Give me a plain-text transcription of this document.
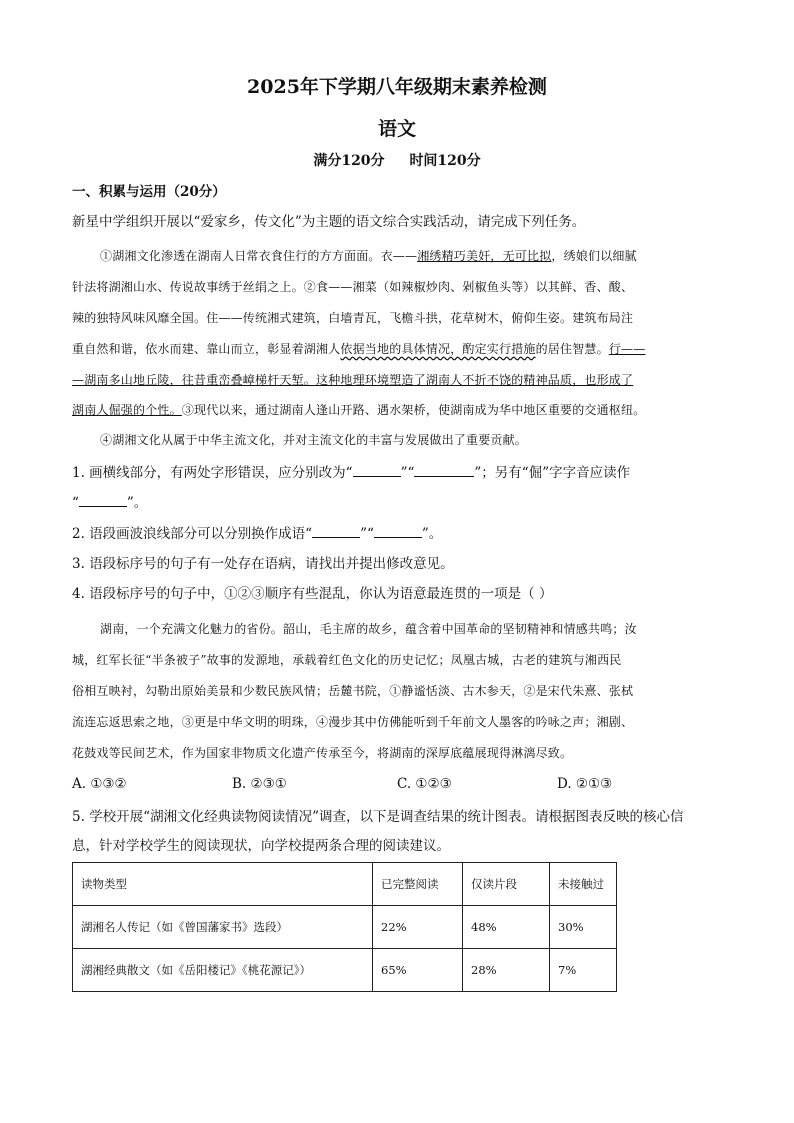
2025年下学期八年级期末素养检测
语文
满分120分 时间120分
一、积累与运用（20分）
新星中学组织开展以“爱家乡，传文化”为主题的语文综合实践活动，请完成下列任务。
①湖湘文化渗透在湖南人日常衣食住行的方方面面。衣——湘绣精巧美奸，无可比拟，绣娘们以细腻
针法将湖湘山水、传说故事绣于丝绢之上。②食——湘菜（如辣椒炒肉、剁椒鱼头等）以其鲜、香、酸、
辣的独特风味风靡全国。住——传统湘式建筑，白墙青瓦，飞檐斗拱，花草树木，俯仰生姿。建筑布局注
重自然和谐，依水而建、靠山而立，彰显着湖湘人依据当地的具体情况，酌定实行措施的居住智慧。行——
—湖南多山地丘陵，往昔重峦叠嶂梯杆天堑。这种地理环境塑造了湖南人不折不饶的精神品质，也形成了
湖南人倔强的个性。③现代以来，通过湖南人逢山开路、遇水架桥，使湖南成为华中地区重要的交通枢纽。
④湖湘文化从属于中华主流文化，并对主流文化的丰富与发展做出了重要贡献。
1. 画横线部分，有两处字形错误，应分别改为“	”“	”；另有“倔”字字音应读作
“	”。
2. 语段画波浪线部分可以分别换作成语“	”“	”。
3. 语段标序号的句子有一处存在语病，请找出并提出修改意见。
4. 语段标序号的句子中，①②③顺序有些混乱，你认为语意最连贯的一项是（ ）
湖南，一个充满文化魅力的省份。韶山，毛主席的故乡，蕴含着中国革命的坚韧精神和情感共鸣；汝
城，红军长征“半条被子”故事的发源地，承载着红色文化的历史记忆；凤凰古城，古老的建筑与湘西民
俗相互映衬，勾勒出原始美景和少数民族风情；岳麓书院，①静谧恬淡、古木参天，②是宋代朱熹、张栻
流连忘返思索之地，③更是中华文明的明珠，④漫步其中仿佛能听到千年前文人墨客的吟咏之声；湘剧、
花鼓戏等民间艺术，作为国家非物质文化遗产传承至今，将湖南的深厚底蕴展现得淋漓尽致。
A. ①③②	B. ②③①	C. ①②③	D. ②①③
5. 学校开展“湖湘文化经典读物阅读情况”调查，以下是调查结果的统计图表。请根据图表反映的核心信
息，针对学校学生的阅读现状，向学校提两条合理的阅读建议。
读物类型	已完整阅读	仅读片段	未接触过
湖湘名人传记（如《曾国藩家书》选段）	22%	48%	30%
湖湘经典散文（如《岳阳楼记》《桃花源记》）	65%	28%	7%
